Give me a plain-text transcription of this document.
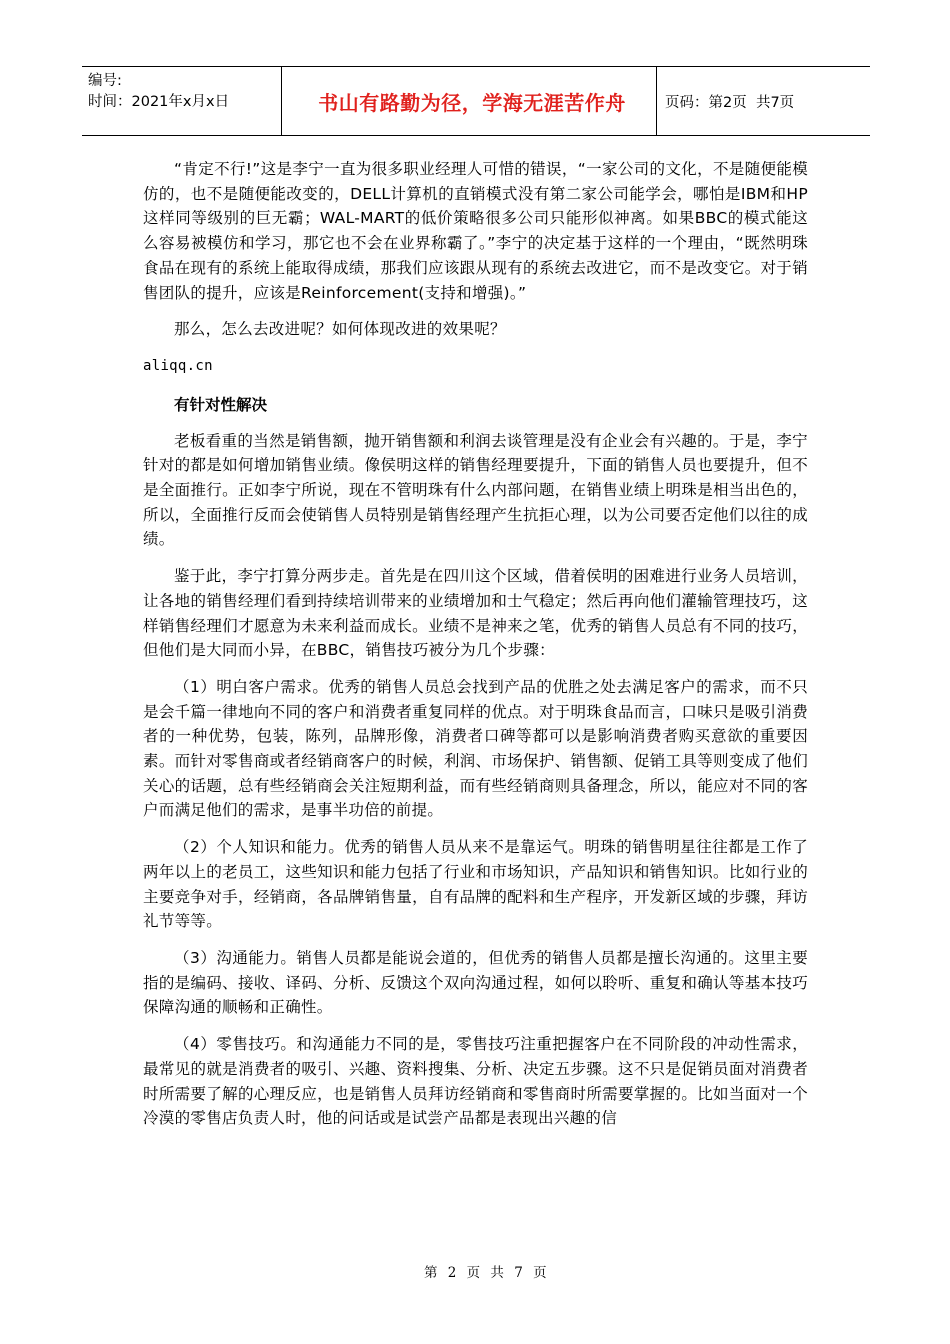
编号:
时间：2021年x月x日	书山有路勤为径，学海无涯苦作舟	页码：第2页  共7页

“肯定不行!”这是李宁一直为很多职业经理人可惜的错误，“一家公司的文化，不是随便能模仿的，也不是随便能改变的，DELL计算机的直销模式没有第二家公司能学会，哪怕是IBM和HP这样同等级别的巨无霸；WAL-MART的低价策略很多公司只能形似神离。如果BBC的模式能这么容易被模仿和学习，那它也不会在业界称霸了。”李宁的决定基于这样的一个理由，“既然明珠食品在现有的系统上能取得成绩，那我们应该跟从现有的系统去改进它，而不是改变它。对于销售团队的提升，应该是Reinforcement(支持和增强)。”

那么，怎么去改进呢？如何体现改进的效果呢？

aliqq.cn

有针对性解决

老板看重的当然是销售额，抛开销售额和利润去谈管理是没有企业会有兴趣的。于是，李宁针对的都是如何增加销售业绩。像侯明这样的销售经理要提升，下面的销售人员也要提升，但不是全面推行。正如李宁所说，现在不管明珠有什么内部问题，在销售业绩上明珠是相当出色的，所以，全面推行反而会使销售人员特别是销售经理产生抗拒心理，以为公司要否定他们以往的成绩。

鉴于此，李宁打算分两步走。首先是在四川这个区域，借着侯明的困难进行业务人员培训，让各地的销售经理们看到持续培训带来的业绩增加和士气稳定；然后再向他们灌输管理技巧，这样销售经理们才愿意为未来利益而成长。业绩不是神来之笔，优秀的销售人员总有不同的技巧，但他们是大同而小异，在BBC，销售技巧被分为几个步骤：

（1）明白客户需求。优秀的销售人员总会找到产品的优胜之处去满足客户的需求，而不只是会千篇一律地向不同的客户和消费者重复同样的优点。对于明珠食品而言，口味只是吸引消费者的一种优势，包装，陈列，品牌形像，消费者口碑等都可以是影响消费者购买意欲的重要因素。而针对零售商或者经销商客户的时候，利润、市场保护、销售额、促销工具等则变成了他们关心的话题，总有些经销商会关注短期利益，而有些经销商则具备理念，所以，能应对不同的客户而满足他们的需求，是事半功倍的前提。

（2）个人知识和能力。优秀的销售人员从来不是靠运气。明珠的销售明星往往都是工作了两年以上的老员工，这些知识和能力包括了行业和市场知识，产品知识和销售知识。比如行业的主要竞争对手，经销商，各品牌销售量，自有品牌的配料和生产程序，开发新区域的步骤，拜访礼节等等。

（3）沟通能力。销售人员都是能说会道的，但优秀的销售人员都是擅长沟通的。这里主要指的是编码、接收、译码、分析、反馈这个双向沟通过程，如何以聆听、重复和确认等基本技巧保障沟通的顺畅和正确性。

（4）零售技巧。和沟通能力不同的是，零售技巧注重把握客户在不同阶段的冲动性需求，最常见的就是消费者的吸引、兴趣、资料搜集、分析、决定五步骤。这不只是促销员面对消费者时所需要了解的心理反应，也是销售人员拜访经销商和零售商时所需要掌握的。比如当面对一个冷漠的零售店负责人时，他的问话或是试尝产品都是表现出兴趣的信

第 2 页 共 7 页
